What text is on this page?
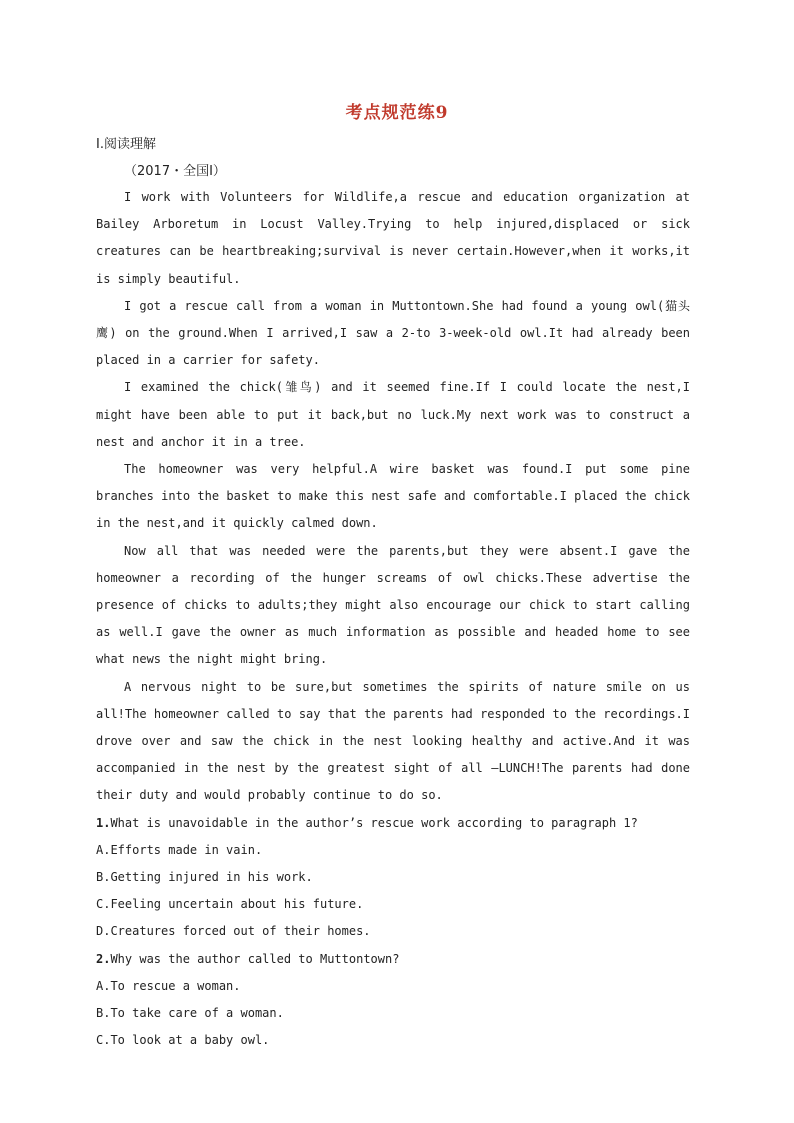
考点规范练9
Ⅰ.阅读理解
（2017・全国Ⅰ）

I work with Volunteers for Wildlife,a rescue and education organization at Bailey Arboretum in Locust Valley.Trying to help injured,displaced or sick creatures can be heartbreaking;survival is never certain.However,when it works,it is simply beautiful.

I got a rescue call from a woman in Muttontown.She had found a young owl(猫头鹰) on the ground.When I arrived,I saw a 2-to 3-week-old owl.It had already been placed in a carrier for safety.

I examined the chick(雏鸟) and it seemed fine.If I could locate the nest,I might have been able to put it back,but no luck.My next work was to construct a nest and anchor it in a tree.

The homeowner was very helpful.A wire basket was found.I put some pine branches into the basket to make this nest safe and comfortable.I placed the chick in the nest,and it quickly calmed down.

Now all that was needed were the parents,but they were absent.I gave the homeowner a recording of the hunger screams of owl chicks.These advertise the presence of chicks to adults;they might also encourage our chick to start calling as well.I gave the owner as much information as possible and headed home to see what news the night might bring.

A nervous night to be sure,but sometimes the spirits of nature smile on us all!The homeowner called to say that the parents had responded to the recordings.I drove over and saw the chick in the nest looking healthy and active.And it was accompanied in the nest by the greatest sight of all —LUNCH!The parents had done their duty and would probably continue to do so.

1.What is unavoidable in the author’s rescue work according to paragraph 1?

A.Efforts made in vain.

B.Getting injured in his work.

C.Feeling uncertain about his future.

D.Creatures forced out of their homes.

2.Why was the author called to Muttontown?

A.To rescue a woman.

B.To take care of a woman.

C.To look at a baby owl.
